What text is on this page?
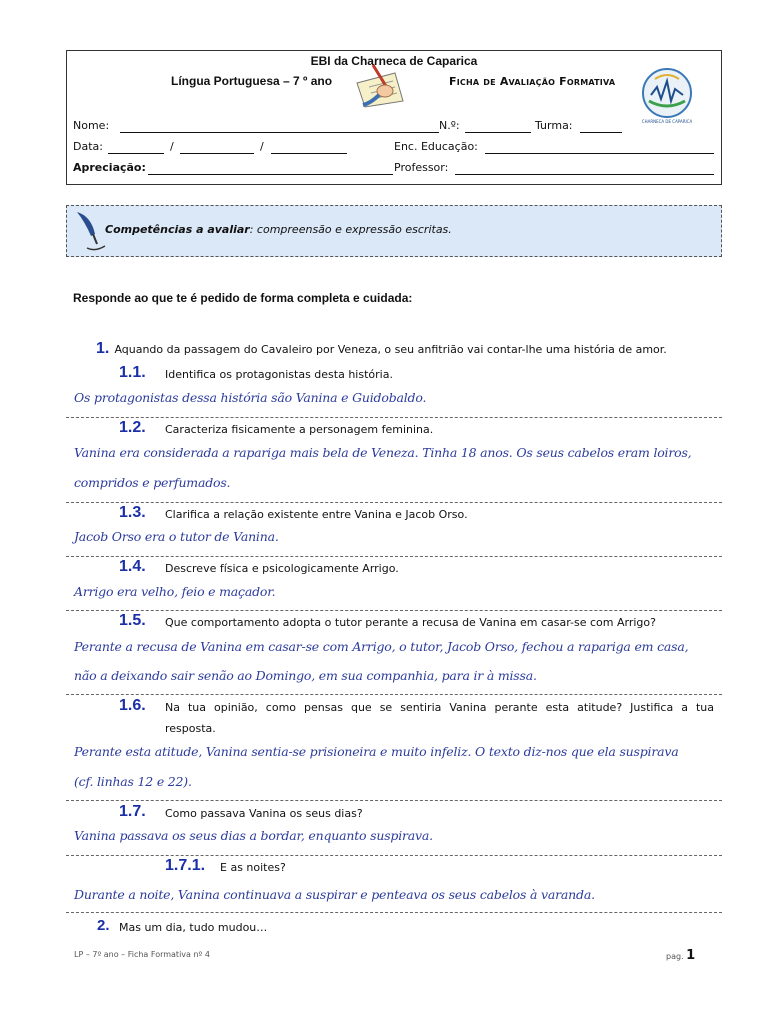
EBI da Charneca de Caparica
Língua Portuguesa – 7 º ano	Ficha de Avaliação Formativa
CHARNECA DE CAPARICA
Nome:	N.º:	Turma:
Data:	/	/	Enc. Educação:
Apreciação:	Professor:
Competências a avaliar: compreensão e expressão escritas.
Responde ao que te é pedido de forma completa e cuidada:
1. Aquando da passagem do Cavaleiro por Veneza, o seu anfitrião vai contar-lhe uma história de amor.
1.1. Identifica os protagonistas desta história.
Os protagonistas dessa história são Vanina e Guidobaldo.
1.2. Caracteriza fisicamente a personagem feminina.
Vanina era considerada a rapariga mais bela de Veneza. Tinha 18 anos. Os seus cabelos eram loiros,
compridos e perfumados.
1.3. Clarifica a relação existente entre Vanina e Jacob Orso.
Jacob Orso era o tutor de Vanina.
1.4. Descreve física e psicologicamente Arrigo.
Arrigo era velho, feio e maçador.
1.5. Que comportamento adopta o tutor perante a recusa de Vanina em casar-se com Arrigo?
Perante a recusa de Vanina em casar-se com Arrigo, o tutor, Jacob Orso, fechou a rapariga em casa,
não a deixando sair senão ao Domingo, em sua companhia, para ir à missa.
1.6. Na tua opinião, como pensas que se sentiria Vanina perante esta atitude? Justifica a tua
resposta.
Perante esta atitude, Vanina sentia-se prisioneira e muito infeliz. O texto diz-nos que ela suspirava
(cf. linhas 12 e 22).
1.7. Como passava Vanina os seus dias?
Vanina passava os seus dias a bordar, enquanto suspirava.
1.7.1. E as noites?
Durante a noite, Vanina continuava a suspirar e penteava os seus cabelos à varanda.
2. Mas um dia, tudo mudou…
LP – 7º ano – Ficha Formativa nº 4	pag. 1
